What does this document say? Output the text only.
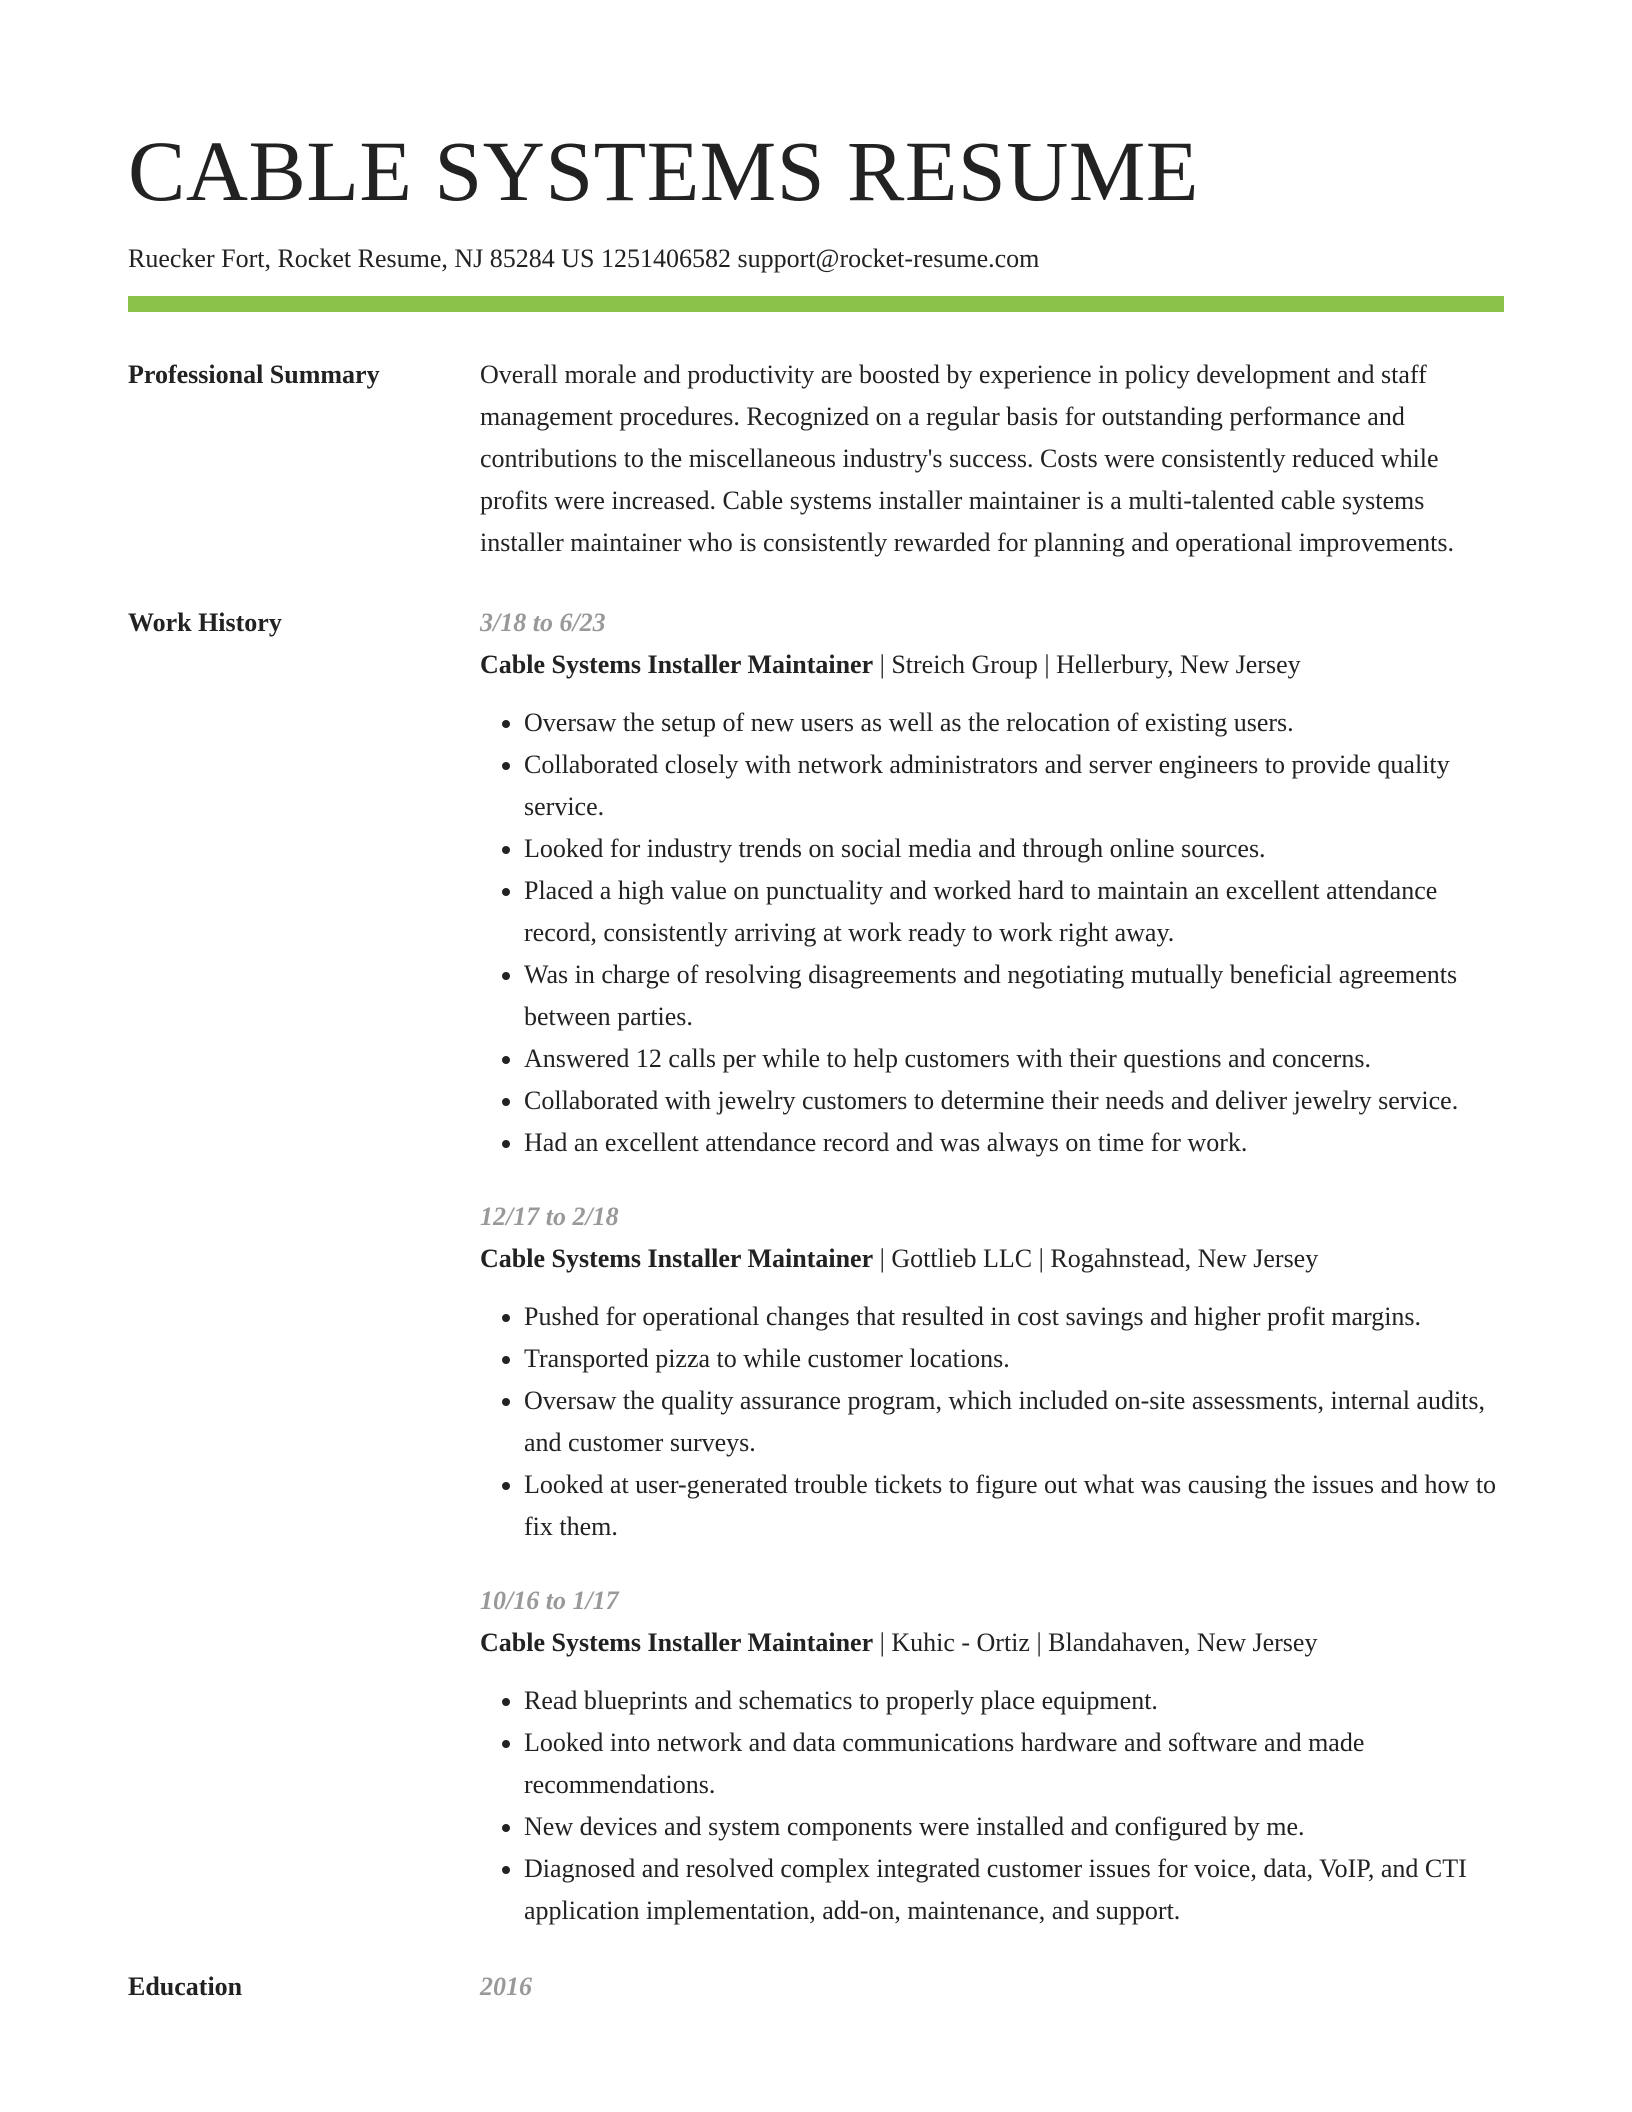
CABLE SYSTEMS RESUME
Ruecker Fort, Rocket Resume, NJ 85284 US 1251406582 support@rocket-resume.com
Professional Summary	Overall morale and productivity are boosted by experience in policy development and staff management procedures. Recognized on a regular basis for outstanding performance and contributions to the miscellaneous industry's success. Costs were consistently reduced while profits were increased. Cable systems installer maintainer is a multi-talented cable systems installer maintainer who is consistently rewarded for planning and operational improvements.

Work History	3/18 to 6/23
Cable Systems Installer Maintainer | Streich Group | Hellerbury, New Jersey
• Oversaw the setup of new users as well as the relocation of existing users.
• Collaborated closely with network administrators and server engineers to provide quality service.
• Looked for industry trends on social media and through online sources.
• Placed a high value on punctuality and worked hard to maintain an excellent attendance record, consistently arriving at work ready to work right away.
• Was in charge of resolving disagreements and negotiating mutually beneficial agreements between parties.
• Answered 12 calls per while to help customers with their questions and concerns.
• Collaborated with jewelry customers to determine their needs and deliver jewelry service.
• Had an excellent attendance record and was always on time for work.
12/17 to 2/18
Cable Systems Installer Maintainer | Gottlieb LLC | Rogahnstead, New Jersey
• Pushed for operational changes that resulted in cost savings and higher profit margins.
• Transported pizza to while customer locations.
• Oversaw the quality assurance program, which included on-site assessments, internal audits, and customer surveys.
• Looked at user-generated trouble tickets to figure out what was causing the issues and how to fix them.
10/16 to 1/17
Cable Systems Installer Maintainer | Kuhic - Ortiz | Blandahaven, New Jersey
• Read blueprints and schematics to properly place equipment.
• Looked into network and data communications hardware and software and made recommendations.
• New devices and system components were installed and configured by me.
• Diagnosed and resolved complex integrated customer issues for voice, data, VoIP, and CTI application implementation, add-on, maintenance, and support.
Education	2016
